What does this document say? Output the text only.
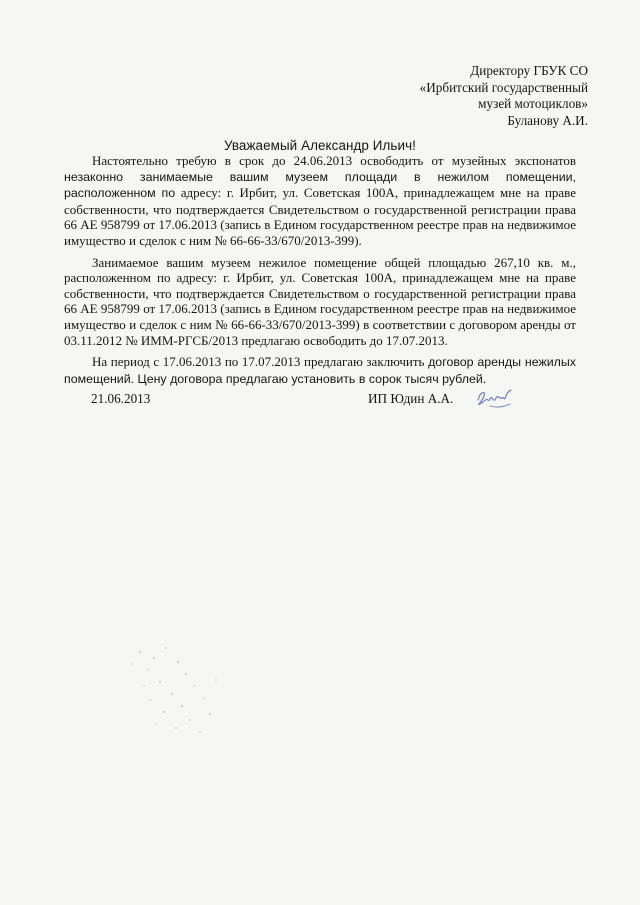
Директору ГБУК СО
«Ирбитский государственный
музей мотоциклов»
Буланову А.И.
Уважаемый Александр Ильич!

Настоятельно требую в срок до 24.06.2013 освободить от музейных экспонатов незаконно занимаемые вашим музеем площади в нежилом помещении, расположенном по адресу: г. Ирбит, ул. Советская 100А, принадлежащем мне на праве собственности, что подтверждается Свидетельством о государственной регистрации права 66 АЕ 958799 от 17.06.2013 (запись в Едином государственном реестре прав на недвижимое имущество и сделок с ним № 66-66-33/670/2013-399).

Занимаемое вашим музеем нежилое помещение общей площадью 267,10 кв. м., расположенном по адресу: г. Ирбит, ул. Советская 100А, принадлежащем мне на праве собственности, что подтверждается Свидетельством о государственной регистрации права 66 АЕ 958799 от 17.06.2013 (запись в Едином государственном реестре прав на недвижимое имущество и сделок с ним № 66-66-33/670/2013-399) в соответствии с договором аренды от 03.11.2012 № ИММ-РГСБ/2013 предлагаю освободить до 17.07.2013.

На период с 17.06.2013 по 17.07.2013 предлагаю заключить договор аренды нежилых помещений. Цену договора предлагаю установить в сорок тысяч рублей.

21.06.2013	ИП Юдин А.А.
